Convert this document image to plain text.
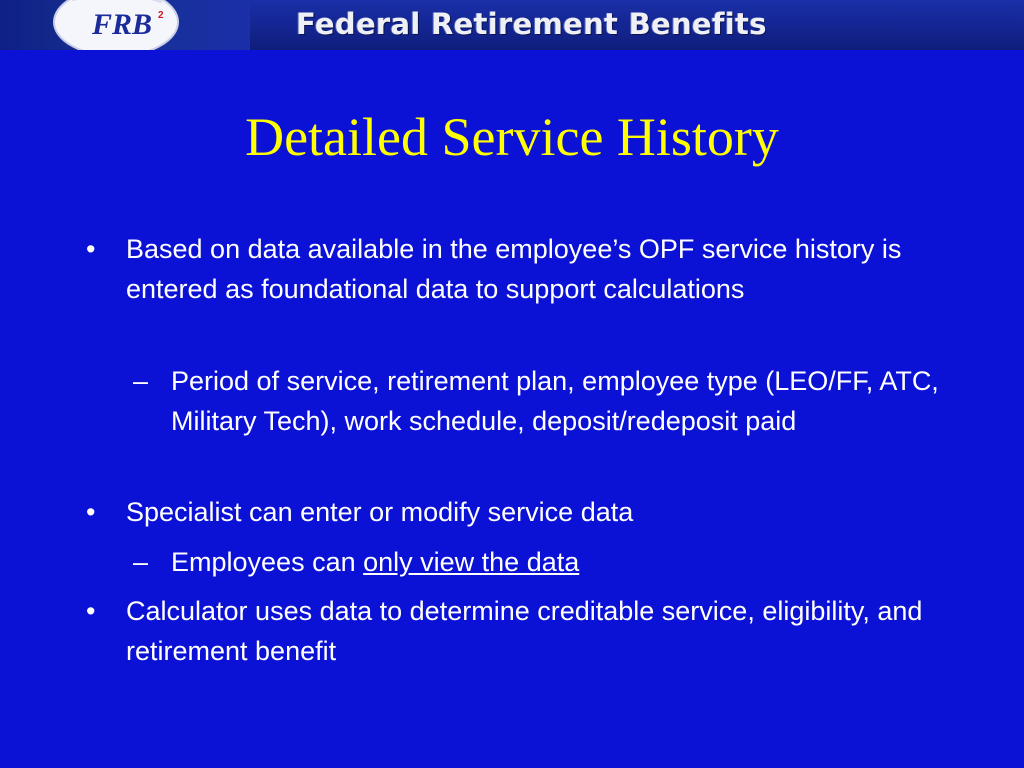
FRB 2	Federal Retirement Benefits
Detailed Service History
• Based on data available in the employee’s OPF service history is entered as foundational data to support calculations
– Period of service, retirement plan, employee type (LEO/FF, ATC, Military Tech), work schedule, deposit/redeposit paid
• Specialist can enter or modify service data
– Employees can only view the data
• Calculator uses data to determine creditable service, eligibility, and retirement benefit
